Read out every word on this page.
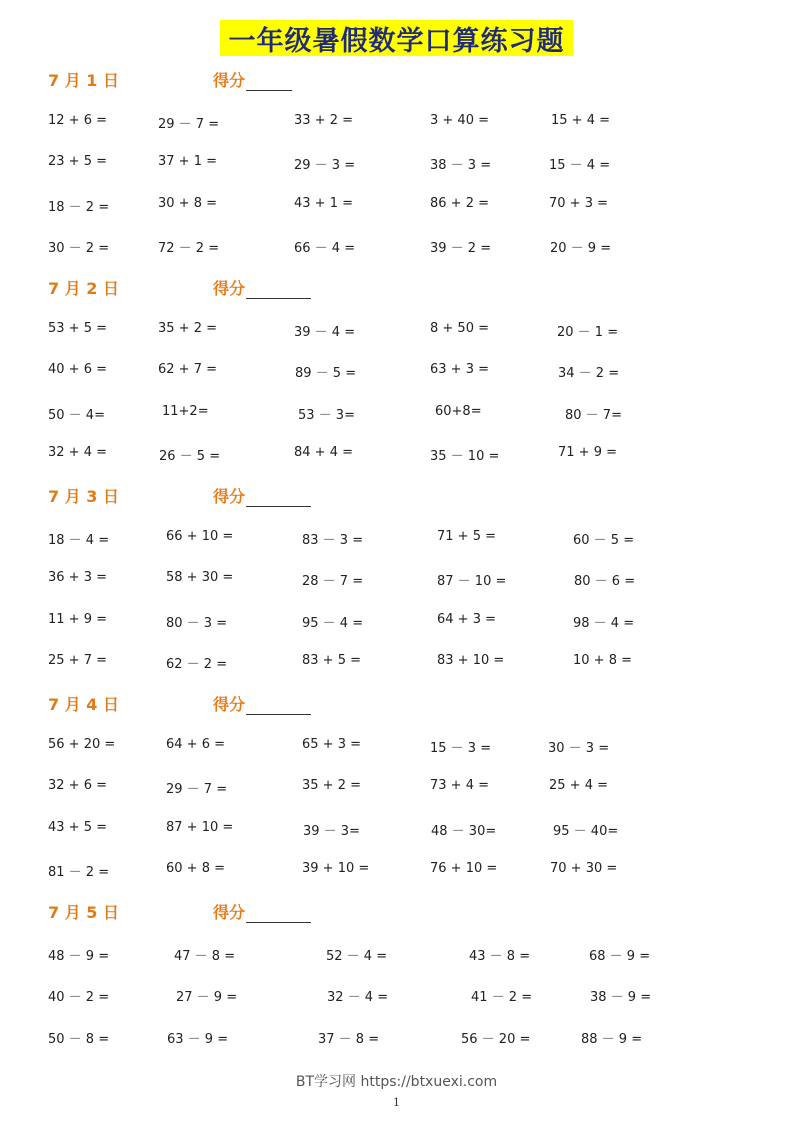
一年级暑假数学口算练习题
7 月 1 日	得分
12 + 6 =	29 － 7 =	33 + 2 =	3 + 40 =	15 + 4 =
23 + 5 =	37 + 1 =	29 － 3 =	38 － 3 =	15 － 4 =
18 － 2 =	30 + 8 =	43 + 1 =	86 + 2 =	70 + 3 =
30 － 2 =	72 － 2 =	66 － 4 =	39 － 2 =	20 － 9 =
7 月 2 日	得分
53 + 5 =	35 + 2 =	39 － 4 =	8 + 50 =	20 － 1 =
40 + 6 =	62 + 7 =	89 － 5 =	63 + 3 =	34 － 2 =
50 － 4=	11+2=	53 － 3=	60+8=	80 － 7=
32 + 4 =	26 － 5 =	84 + 4 =	35 － 10 =	71 + 9 =
7 月 3 日	得分
18 － 4 =	66 + 10 =	83 － 3 =	71 + 5 =	60 － 5 =
36 + 3 =	58 + 30 =	28 － 7 =	87 － 10 =	80 － 6 =
11 + 9 =	80 － 3 =	95 － 4 =	64 + 3 =	98 － 4 =
25 + 7 =	62 － 2 =	83 + 5 =	83 + 10 =	10 + 8 =
7 月 4 日	得分
56 + 20 =	64 + 6 =	65 + 3 =	15 － 3 =	30 － 3 =
32 + 6 =	29 － 7 =	35 + 2 =	73 + 4 =	25 + 4 =
43 + 5 =	87 + 10 =	39 － 3=	48 － 30=	95 － 40=
81 － 2 =	60 + 8 =	39 + 10 =	76 + 10 =	70 + 30 =
7 月 5 日	得分
48 － 9 =	47 － 8 =	52 － 4 =	43 － 8 =	68 － 9 =
40 － 2 =	27 － 9 =	32 － 4 =	41 － 2 =	38 － 9 =
50 － 8 =	63 － 9 =	37 － 8 =	56 － 20 =	88 － 9 =
BT学习网 https://btxuexi.com
1
